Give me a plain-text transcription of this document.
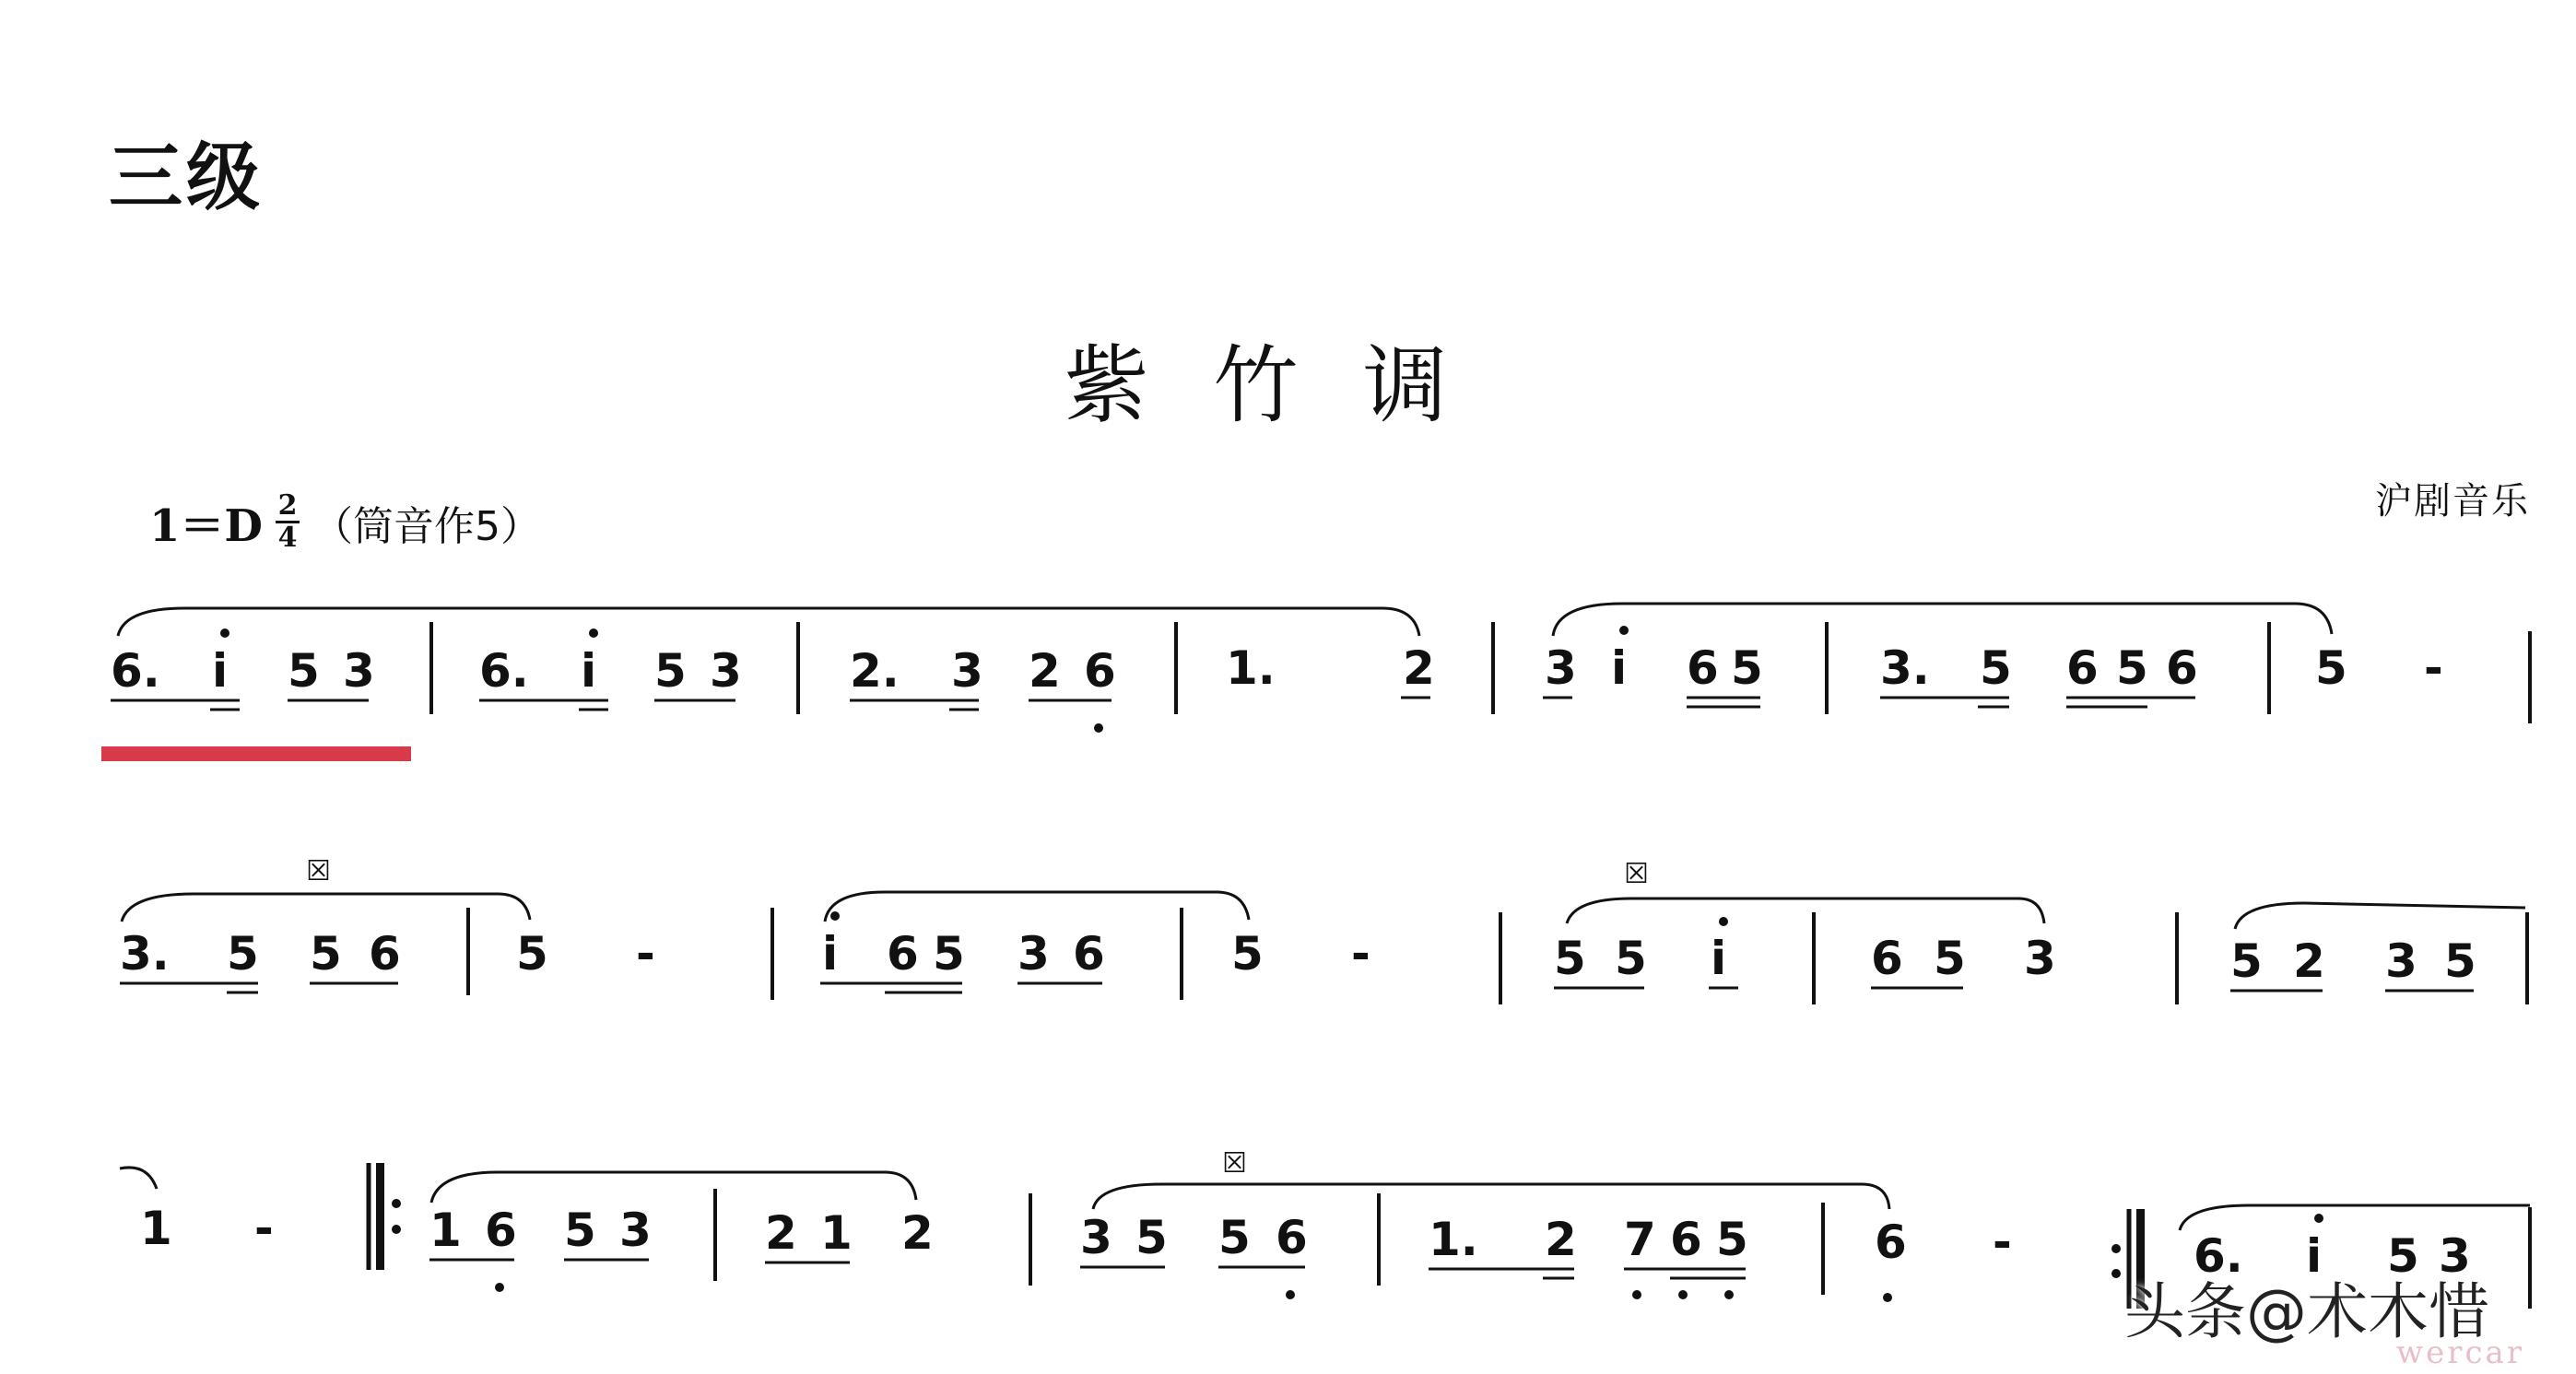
三级
紫竹调
$1=D \frac{2}{4}$ （筒音作5）
沪剧音乐
6. i 5 3 6. i 5 3 2. 3 2 6 1.	2 3 i 6 5	3. 5 6 5 6	5 -
☒	☒
3. 5 5 6	5 -	i 6 5 3 6	5 -	5 5 i	6 5 3	5 2 3 5
☒
1 -	1 6 5 3 2 1 2	3 5 5 6	1. 2 7 6 5	6 -	6. i 5 3
头条@术木惜
wercar
